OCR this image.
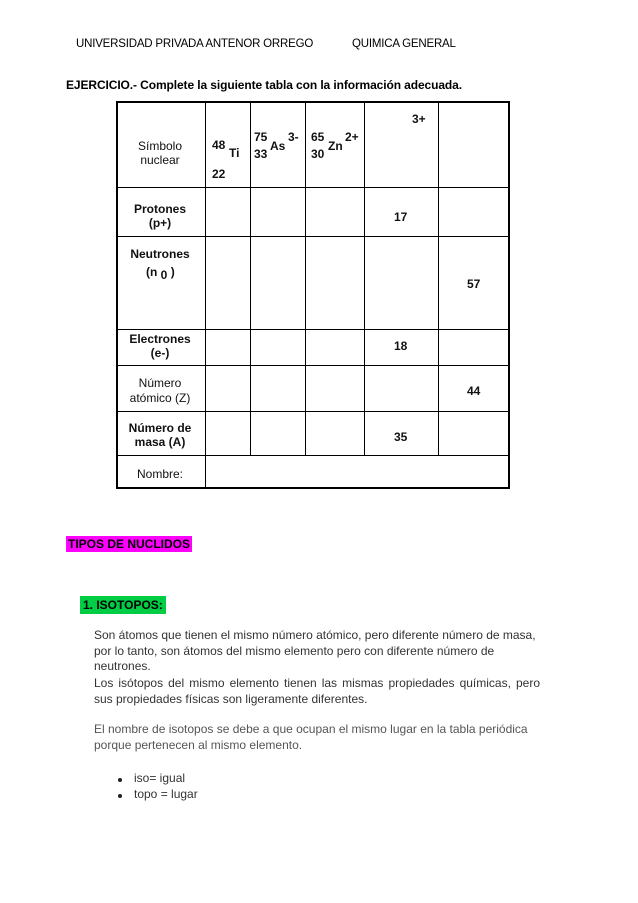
UNIVERSIDAD PRIVADA ANTENOR ORREGO	QUIMICA GENERAL
EJERCICIO.- Complete la siguiente tabla con la información adecuada.
Símbolo
nuclear
Protones
(p+)
Neutrones
(n 0 )
Electrones
(e-)
Número
atómico (Z)
Número de
masa (A)
Nombre:
48
Ti
22
75 3-
As
33
65 2+
Zn
30
3+
17
18
35
57
44
TIPOS DE NUCLIDOS
1. ISOTOPOS:
Son átomos que tienen el mismo número atómico, pero diferente número de masa, por lo tanto, son átomos del mismo elemento pero con diferente número de neutrones.
Los isótopos del mismo elemento tienen las mismas propiedades químicas, pero sus propiedades físicas son ligeramente diferentes.
El nombre de isotopos se debe a que ocupan el mismo lugar en la tabla periódica porque pertenecen al mismo elemento.
iso= igual
topo = lugar
